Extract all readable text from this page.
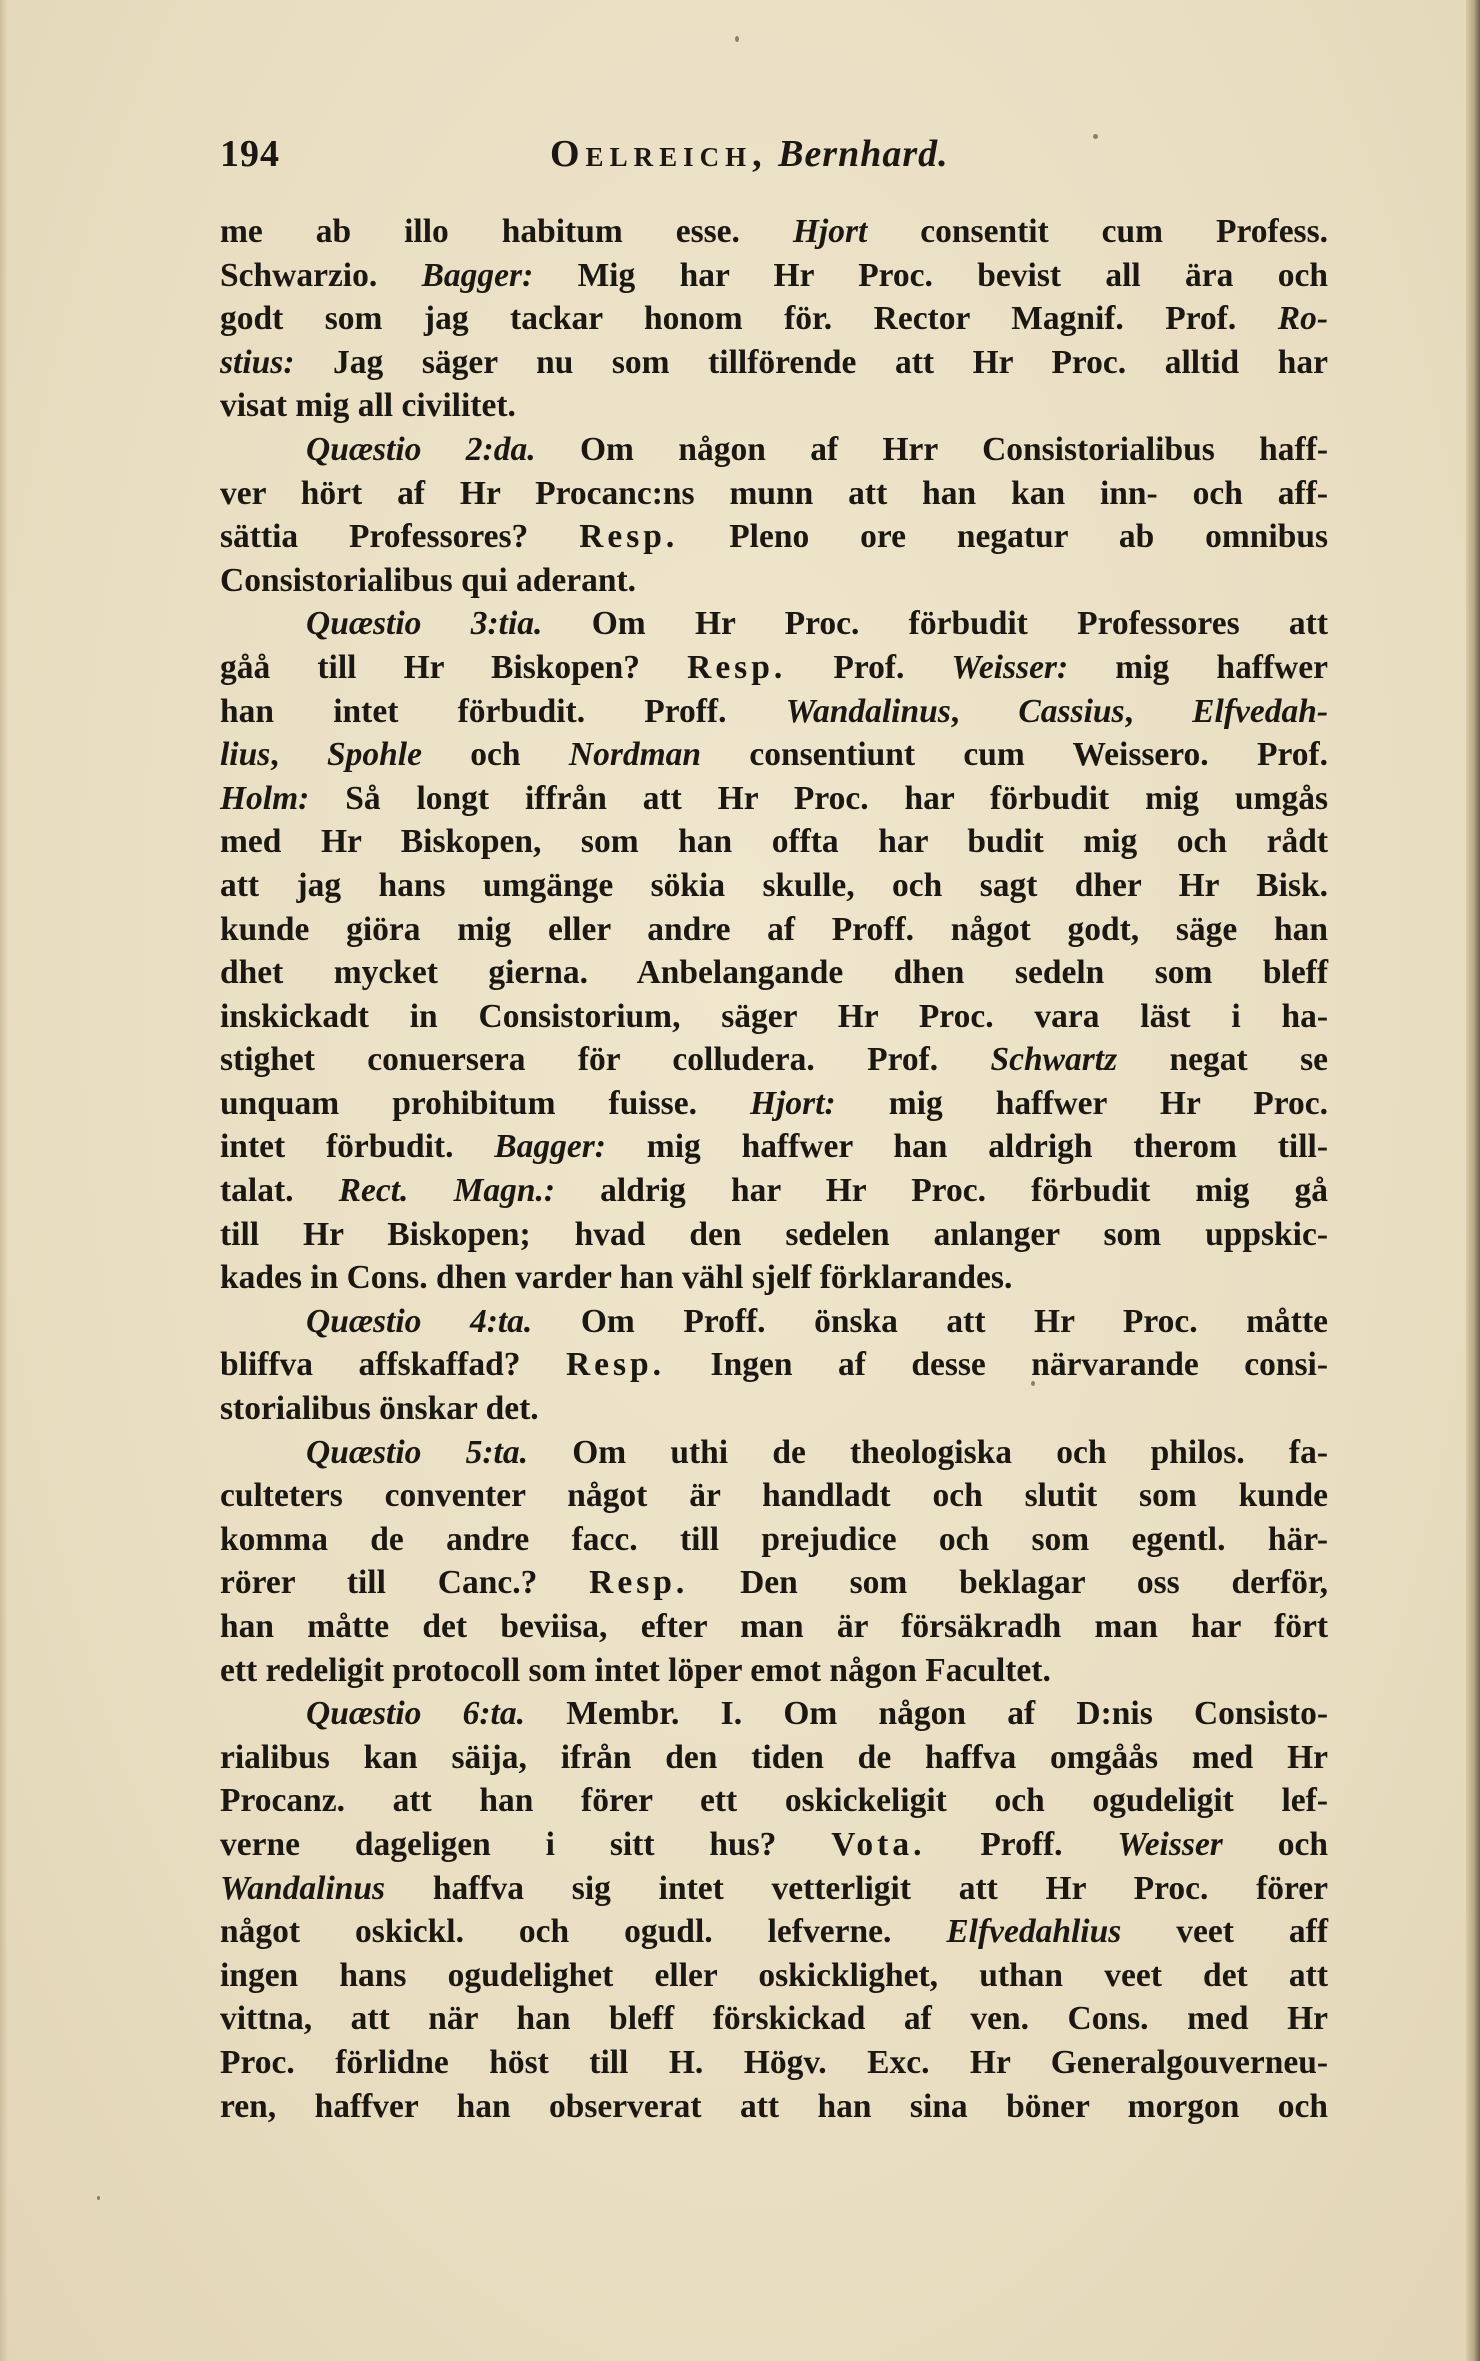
194	Oelreich, Bernhard.
me ab illo habitum esse. Hjort consentit cum Profess.
Schwarzio. Bagger: Mig har Hr Proc. bevist all ära och
godt som jag tackar honom för. Rector Magnif. Prof. Ro-
stius: Jag säger nu som tillförende att Hr Proc. alltid har
visat mig all civilitet.
Quæstio 2:da. Om någon af Hrr Consistorialibus haff-
ver hört af Hr Procanc:ns munn att han kan inn- och aff-
sättia Professores? Resp. Pleno ore negatur ab omnibus
Consistorialibus qui aderant.
Quæstio 3:tia. Om Hr Proc. förbudit Professores att
gåå till Hr Biskopen? Resp. Prof. Weisser: mig haffwer
han intet förbudit. Proff. Wandalinus, Cassius, Elfvedah-
lius, Spohle och Nordman consentiunt cum Weissero. Prof.
Holm: Så longt iffrån att Hr Proc. har förbudit mig umgås
med Hr Biskopen, som han offta har budit mig och rådt
att jag hans umgänge sökia skulle, och sagt dher Hr Bisk.
kunde giöra mig eller andre af Proff. något godt, säge han
dhet mycket gierna. Anbelangande dhen sedeln som bleff
inskickadt in Consistorium, säger Hr Proc. vara läst i ha-
stighet conuersera för colludera. Prof. Schwartz negat se
unquam prohibitum fuisse. Hjort: mig haffwer Hr Proc.
intet förbudit. Bagger: mig haffwer han aldrigh therom till-
talat. Rect. Magn.: aldrig har Hr Proc. förbudit mig gå
till Hr Biskopen; hvad den sedelen anlanger som uppskic-
kades in Cons. dhen varder han vähl sjelf förklarandes.
Quæstio 4:ta. Om Proff. önska att Hr Proc. måtte
bliffva affskaffad? Resp. Ingen af desse närvarande consi-
storialibus önskar det.
Quæstio 5:ta. Om uthi de theologiska och philos. fa-
culteters conventer något är handladt och slutit som kunde
komma de andre facc. till prejudice och som egentl. här-
rörer till Canc.? Resp. Den som beklagar oss derför,
han måtte det beviisa, efter man är försäkradh man har fört
ett redeligit protocoll som intet löper emot någon Facultet.
Quæstio 6:ta. Membr. I. Om någon af D:nis Consisto-
rialibus kan säija, ifrån den tiden de haffva omgåås med Hr
Procanz. att han förer ett oskickeligit och ogudeligit lef-
verne dageligen i sitt hus? Vota. Proff. Weisser och
Wandalinus haffva sig intet vetterligit att Hr Proc. förer
något oskickl. och ogudl. lefverne. Elfvedahlius veet aff
ingen hans ogudelighet eller oskicklighet, uthan veet det att
vittna, att när han bleff förskickad af ven. Cons. med Hr
Proc. förlidne höst till H. Högv. Exc. Hr Generalgouverneu-
ren, haffver han observerat att han sina böner morgon och
